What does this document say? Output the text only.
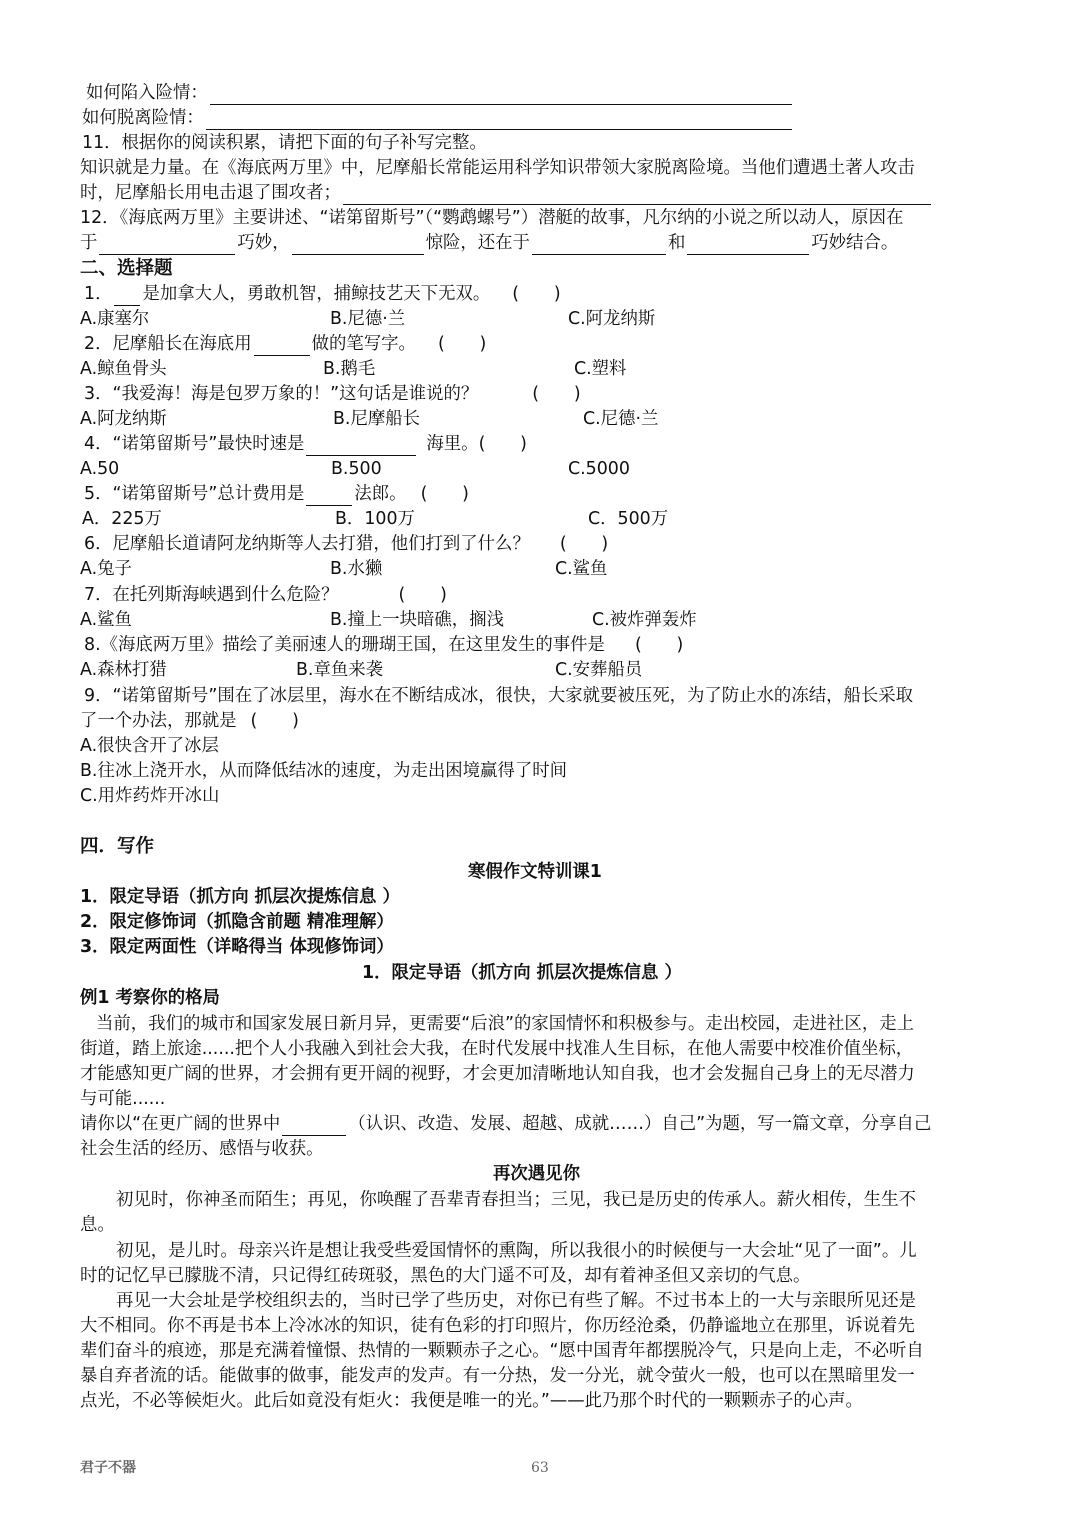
如何陷入险情：
如何脱离险情：
11．根据你的阅读积累，请把下面的句子补写完整。
知识就是力量。在《海底两万里》中，尼摩船长常能运用科学知识带领大家脱离险境。当他们遭遇土著人攻击
时，尼摩船长用电击退了围攻者；
12．《海底两万里》主要讲述、“诺第留斯号”（“鹦鹉螺号”）潜艇的故事，凡尔纳的小说之所以动人，原因在
于	巧妙，	惊险，还在于	和	巧妙结合。
二、选择题
1． 是加拿大人，勇敢机智，捕鲸技艺天下无双。 (　　)
A.康塞尔	B.尼德·兰	C.阿龙纳斯
2．尼摩船长在海底用	做的笔写字。 (　　)
A.鲸鱼骨头	B.鹅毛	C.塑料
3．“我爱海！海是包罗万象的！”这句话是谁说的？	(　　)
A.阿龙纳斯	B.尼摩船长	C.尼德·兰
4．“诺第留斯号”最快时速是	海里。(　　)
A.50	B.500	C.5000
5．“诺第留斯号”总计费用是	法郎。 (　　)
A．225万	B．100万	C．500万
6．尼摩船长道请阿龙纳斯等人去打猎，他们打到了什么？ (　　)
A.兔子	B.水獭	C.鲨鱼
7．在托列斯海峡遇到什么危险？	(　　)
A.鲨鱼	B.撞上一块暗礁，搁浅	C.被炸弹轰炸
8.《海底两万里》描绘了美丽速人的珊瑚王国，在这里发生的事件是 (　　)
A.森林打猎	B.章鱼来袭	C.安葬船员
9．“诺第留斯号”围在了冰层里，海水在不断结成冰，很快，大家就要被压死，为了防止水的冻结，船长采取
了一个办法，那就是 (　　)
A.很快含开了冰层
B.往冰上浇开水，从而降低结冰的速度，为走出困境赢得了时间
C.用炸药炸开冰山
四．写作
寒假作文特训课1
1．限定导语（抓方向 抓层次提炼信息 ）
2．限定修饰词（抓隐含前题 精准理解）
3．限定两面性（详略得当 体现修饰词）
1．限定导语（抓方向 抓层次提炼信息 ）
例1 考察你的格局
当前，我们的城市和国家发展日新月异，更需要“后浪”的家国情怀和积极参与。走出校园，走进社区，走上
街道，踏上旅途......把个人小我融入到社会大我，在时代发展中找准人生目标，在他人需要中校准价值坐标，
才能感知更广阔的世界，才会拥有更开阔的视野，才会更加清晰地认知自我，也才会发掘自己身上的无尽潜力
与可能......
请你以“在更广阔的世界中	（认识、改造、发展、超越、成就……）自己”为题，写一篇文章，分享自己
社会生活的经历、感悟与收获。
再次遇见你
初见时，你神圣而陌生；再见，你唤醒了吾辈青春担当；三见，我已是历史的传承人。薪火相传，生生不
息。
初见，是儿时。母亲兴许是想让我受些爱国情怀的熏陶，所以我很小的时候便与一大会址“见了一面”。儿
时的记忆早已朦胧不清，只记得红砖斑驳，黑色的大门遥不可及，却有着神圣但又亲切的气息。
再见一大会址是学校组织去的，当时已学了些历史，对你已有些了解。不过书本上的一大与亲眼所见还是
大不相同。你不再是书本上冷冰冰的知识，徒有色彩的打印照片，你历经沧桑，仍静谧地立在那里，诉说着先
辈们奋斗的痕迹，那是充满着憧憬、热情的一颗颗赤子之心。“愿中国青年都摆脱冷气，只是向上走，不必听自
暴自弃者流的话。能做事的做事，能发声的发声。有一分热，发一分光，就令萤火一般，也可以在黑暗里发一
点光，不必等候炬火。此后如竟没有炬火：我便是唯一的光。”——此乃那个时代的一颗颗赤子的心声。
君子不器	63
